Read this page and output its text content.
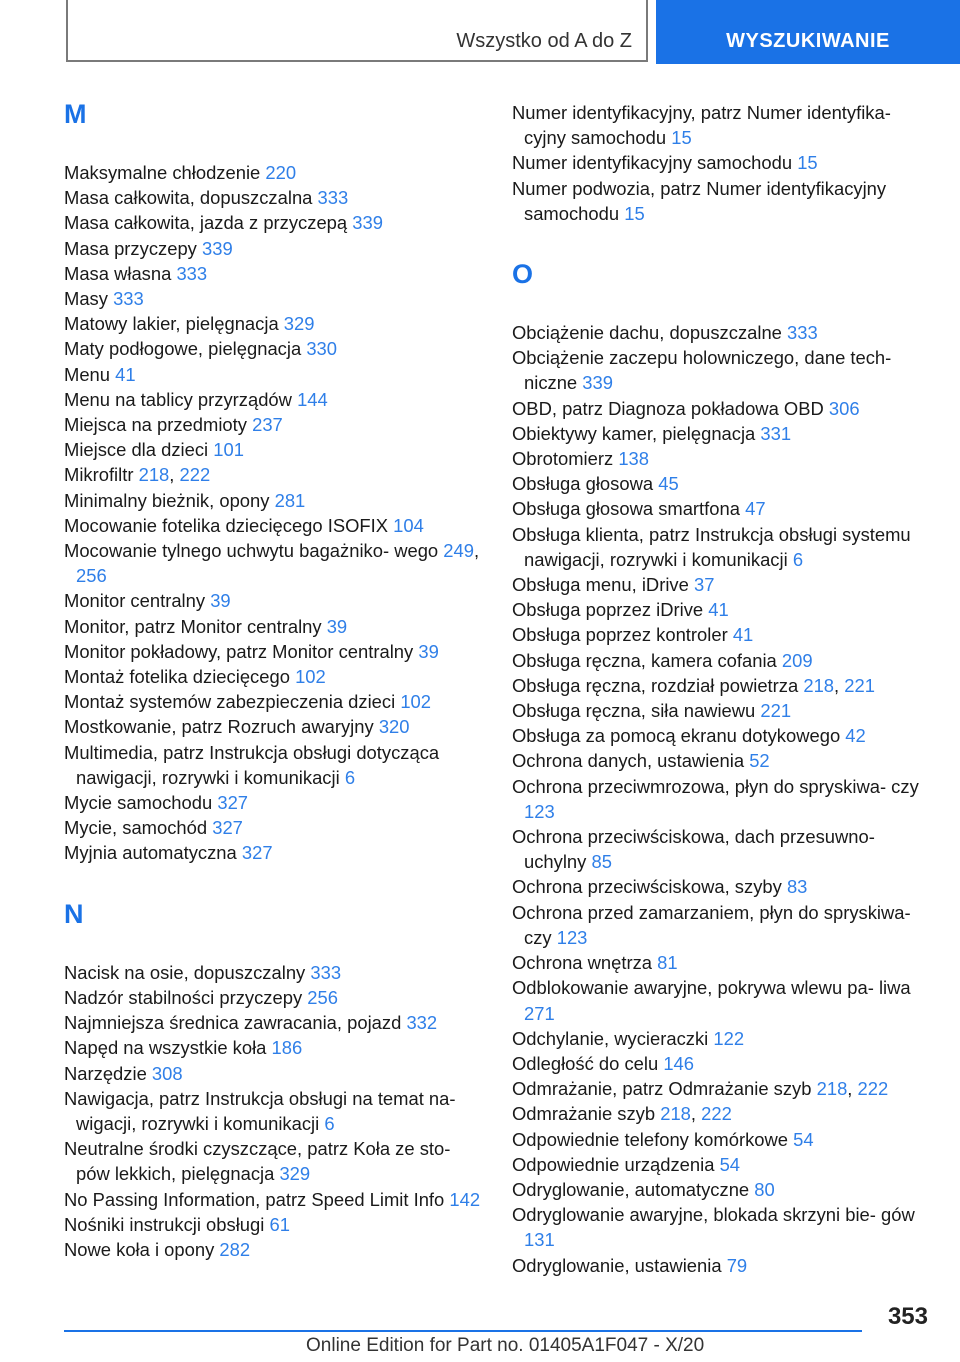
Wszystko od A do Z	WYSZUKIWANIE
M
Maksymalne chłodzenie 220
Masa całkowita, dopuszczalna 333
Masa całkowita, jazda z przyczepą 339
Masa przyczepy 339
Masa własna 333
Masy 333
Matowy lakier, pielęgnacja 329
Maty podłogowe, pielęgnacja 330
Menu 41
Menu na tablicy przyrządów 144
Miejsca na przedmioty 237
Miejsce dla dzieci 101
Mikrofiltr 218, 222
Minimalny bieżnik, opony 281
Mocowanie fotelika dziecięcego ISOFIX 104
Mocowanie tylnego uchwytu bagażniko- wego 249, 256
Monitor centralny 39
Monitor, patrz Monitor centralny 39
Monitor pokładowy, patrz Monitor centralny 39
Montaż fotelika dziecięcego 102
Montaż systemów zabezpieczenia dzieci 102
Mostkowanie, patrz Rozruch awaryjny 320
Multimedia, patrz Instrukcja obsługi dotycząca nawigacji, rozrywki i komunikacji 6
Mycie samochodu 327
Mycie, samochód 327
Myjnia automatyczna 327
N
Nacisk na osie, dopuszczalny 333
Nadzór stabilności przyczepy 256
Najmniejsza średnica zawracania, pojazd 332
Napęd na wszystkie koła 186
Narzędzie 308
Nawigacja, patrz Instrukcja obsługi na temat na- wigacji, rozrywki i komunikacji 6
Neutralne środki czyszczące, patrz Koła ze sto- pów lekkich, pielęgnacja 329
No Passing Information, patrz Speed Limit Info 142
Nośniki instrukcji obsługi 61
Nowe koła i opony 282
Numer identyfikacyjny, patrz Numer identyfika- cyjny samochodu 15
Numer identyfikacyjny samochodu 15
Numer podwozia, patrz Numer identyfikacyjny samochodu 15
O
Obciążenie dachu, dopuszczalne 333
Obciążenie zaczepu holowniczego, dane tech- niczne 339
OBD, patrz Diagnoza pokładowa OBD 306
Obiektywy kamer, pielęgnacja 331
Obrotomierz 138
Obsługa głosowa 45
Obsługa głosowa smartfona 47
Obsługa klienta, patrz Instrukcja obsługi systemu nawigacji, rozrywki i komunikacji 6
Obsługa menu, iDrive 37
Obsługa poprzez iDrive 41
Obsługa poprzez kontroler 41
Obsługa ręczna, kamera cofania 209
Obsługa ręczna, rozdział powietrza 218, 221
Obsługa ręczna, siła nawiewu 221
Obsługa za pomocą ekranu dotykowego 42
Ochrona danych, ustawienia 52
Ochrona przeciwmrozowa, płyn do spryskiwa- czy 123
Ochrona przeciwściskowa, dach przesuwno- uchylny 85
Ochrona przeciwściskowa, szyby 83
Ochrona przed zamarzaniem, płyn do spryskiwa- czy 123
Ochrona wnętrza 81
Odblokowanie awaryjne, pokrywa wlewu pa- liwa 271
Odchylanie, wycieraczki 122
Odległość do celu 146
Odmrażanie, patrz Odmrażanie szyb 218, 222
Odmrażanie szyb 218, 222
Odpowiednie telefony komórkowe 54
Odpowiednie urządzenia 54
Odryglowanie, automatyczne 80
Odryglowanie awaryjne, blokada skrzyni bie- gów 131
Odryglowanie, ustawienia 79
353
Online Edition for Part no. 01405A1F047 - X/20
